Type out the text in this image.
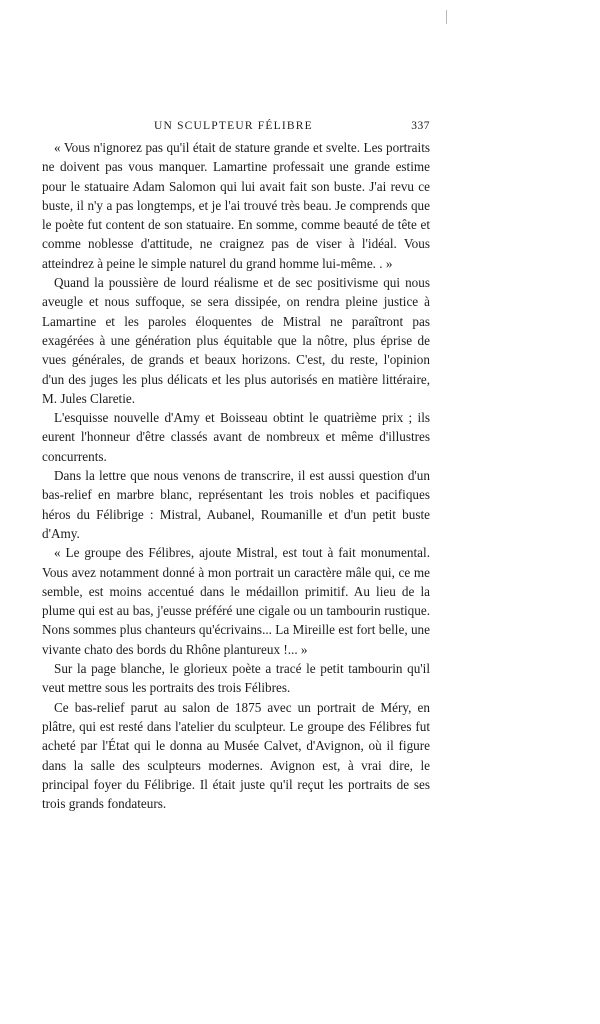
UN SCULPTEUR FÉLIBRE	337

« Vous n'ignorez pas qu'il était de stature grande et svelte. Les portraits ne doivent pas vous manquer. Lamartine professait une grande estime pour le statuaire Adam Salomon qui lui avait fait son buste. J'ai revu ce buste, il n'y a pas longtemps, et je l'ai trouvé très beau. Je comprends que le poète fut content de son statuaire. En somme, comme beauté de tête et comme noblesse d'attitude, ne craignez pas de viser à l'idéal. Vous atteindrez à peine le simple naturel du grand homme lui-même. . »

Quand la poussière de lourd réalisme et de sec positivisme qui nous aveugle et nous suffoque, se sera dissipée, on rendra pleine justice à Lamartine et les paroles éloquentes de Mistral ne paraîtront pas exagérées à une génération plus équitable que la nôtre, plus éprise de vues générales, de grands et beaux horizons. C'est, du reste, l'opinion d'un des juges les plus délicats et les plus autorisés en matière littéraire, M. Jules Claretie.

L'esquisse nouvelle d'Amy et Boisseau obtint le quatrième prix ; ils eurent l'honneur d'être classés avant de nombreux et même d'illustres concurrents.

Dans la lettre que nous venons de transcrire, il est aussi question d'un bas-relief en marbre blanc, représentant les trois nobles et pacifiques héros du Félibrige : Mistral, Aubanel, Roumanille et d'un petit buste d'Amy.

« Le groupe des Félibres, ajoute Mistral, est tout à fait monumental. Vous avez notamment donné à mon portrait un caractère mâle qui, ce me semble, est moins accentué dans le médaillon primitif. Au lieu de la plume qui est au bas, j'eusse préféré une cigale ou un tambourin rustique. Nons sommes plus chanteurs qu'écrivains... La Mireille est fort belle, une vivante chato des bords du Rhône plantureux !... »

Sur la page blanche, le glorieux poète a tracé le petit tambourin qu'il veut mettre sous les portraits des trois Félibres.

Ce bas-relief parut au salon de 1875 avec un portrait de Méry, en plâtre, qui est resté dans l'atelier du sculpteur. Le groupe des Félibres fut acheté par l'État qui le donna au Musée Calvet, d'Avignon, où il figure dans la salle des sculpteurs modernes. Avignon est, à vrai dire, le principal foyer du Félibrige. Il était juste qu'il reçut les portraits de ses trois grands fondateurs.
